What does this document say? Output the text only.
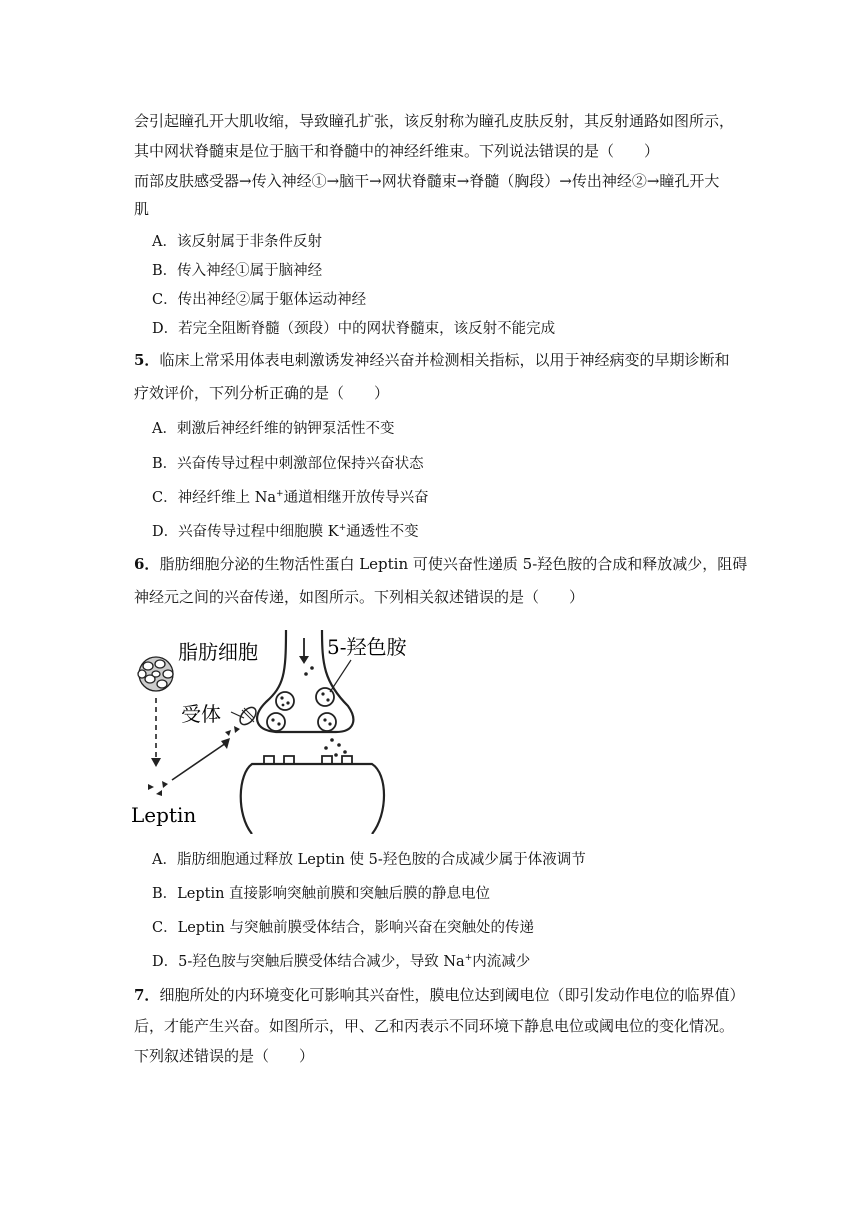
会引起瞳孔开大肌收缩，导致瞳孔扩张，该反射称为瞳孔皮肤反射，其反射通路如图所示，
其中网状脊髓束是位于脑干和脊髓中的神经纤维束。下列说法错误的是（　　）
而部皮肤感受器→传入神经①→脑干→网状脊髓束→脊髓（胸段）→传出神经②→瞳孔开大
肌
A．该反射属于非条件反射
B．传入神经①属于脑神经
C．传出神经②属于躯体运动神经
D．若完全阻断脊髓（颈段）中的网状脊髓束，该反射不能完成
5．临床上常采用体表电刺激诱发神经兴奋并检测相关指标，以用于神经病变的早期诊断和
疗效评价，下列分析正确的是（　　）
A．刺激后神经纤维的钠钾泵活性不变
B．兴奋传导过程中刺激部位保持兴奋状态
C．神经纤维上 Na+通道相继开放传导兴奋
D．兴奋传导过程中细胞膜 K+通透性不变
6．脂肪细胞分泌的生物活性蛋白 Leptin 可使兴奋性递质 5-羟色胺的合成和释放减少，阻碍
神经元之间的兴奋传递，如图所示。下列相关叙述错误的是（　　）
脂肪细胞	5-羟色胺
受体
Leptin
A．脂肪细胞通过释放 Leptin 使 5-羟色胺的合成减少属于体液调节
B．Leptin 直接影响突触前膜和突触后膜的静息电位
C．Leptin 与突触前膜受体结合，影响兴奋在突触处的传递
D．5-羟色胺与突触后膜受体结合减少，导致 Na+内流减少
7．细胞所处的内环境变化可影响其兴奋性，膜电位达到阈电位（即引发动作电位的临界值）
后，才能产生兴奋。如图所示，甲、乙和丙表示不同环境下静息电位或阈电位的变化情况。
下列叙述错误的是（　　）
